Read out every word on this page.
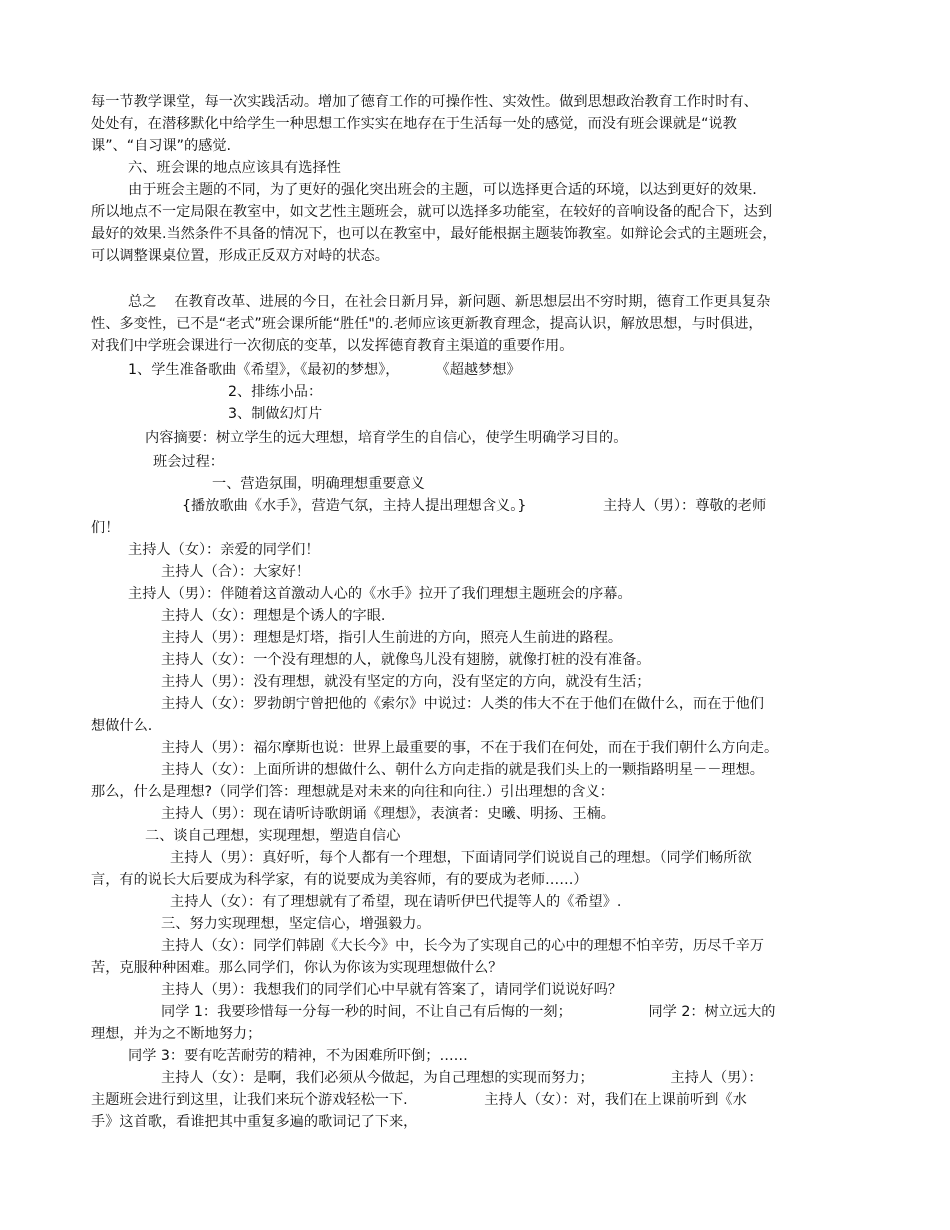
每一节教学课堂，每一次实践活动。增加了德育工作的可操作性、实效性。做到思想政治教育工作时时有、
处处有，在潜移默化中给学生一种思想工作实实在地存在于生活每一处的感觉，而没有班会课就是“说教
课”、“自习课”的感觉.
六、班会课的地点应该具有选择性
由于班会主题的不同，为了更好的强化突出班会的主题，可以选择更合适的环境，以达到更好的效果.
所以地点不一定局限在教室中，如文艺性主题班会，就可以选择多功能室，在较好的音响设备的配合下，达到
最好的效果.当然条件不具备的情况下，也可以在教室中，最好能根据主题装饰教室。如辩论会式的主题班会，
可以调整课桌位置，形成正反双方对峙的状态。
总之    在教育改革、进展的今日，在社会日新月异，新问题、新思想层出不穷时期，德育工作更具复杂
性、多变性，已不是“老式”班会课所能“胜任"的.老师应该更新教育理念，提高认识，解放思想，与时俱进，
对我们中学班会课进行一次彻底的变革，以发挥德育教育主渠道的重要作用。
1、学生准备歌曲《希望》，《最初的梦想》，        《超越梦想》
2、排练小品：
3、制做幻灯片
内容摘要：树立学生的远大理想，培育学生的自信心，使学生明确学习目的。
班会过程：
一、营造氛围，明确理想重要意义
{播放歌曲《水手》，营造气氛，主持人提出理想含义。}                 主持人（男）：尊敬的老师
们！
主持人（女）：亲爱的同学们！
主持人（合）：大家好！
主持人（男）：伴随着这首激动人心的《水手》拉开了我们理想主题班会的序幕。
主持人（女）：理想是个诱人的字眼.
主持人（男）：理想是灯塔，指引人生前进的方向，照亮人生前进的路程。
主持人（女）：一个没有理想的人，就像鸟儿没有翅膀，就像打桩的没有准备。
主持人（男）：没有理想，就没有坚定的方向，没有坚定的方向，就没有生活；
主持人（女）：罗勃朗宁曾把他的《索尔》中说过：人类的伟大不在于他们在做什么，而在于他们
想做什么.
主持人（男）：福尔摩斯也说：世界上最重要的事，不在于我们在何处，而在于我们朝什么方向走。
主持人（女）：上面所讲的想做什么、朝什么方向走指的就是我们头上的一颗指路明星－－理想。
那么，什么是理想?（同学们答：理想就是对未来的向往和向往.）引出理想的含义：
主持人（男）：现在请听诗歌朗诵《理想》，表演者：史曦、明扬、王楠。
二、谈自己理想，实现理想，塑造自信心
主持人（男）：真好听，每个人都有一个理想，下面请同学们说说自己的理想。（同学们畅所欲
言，有的说长大后要成为科学家，有的说要成为美容师，有的要成为老师……）
主持人（女）：有了理想就有了希望，现在请听伊巴代提等人的《希望》.
三、努力实现理想，坚定信心，增强毅力。
主持人（女）：同学们韩剧《大长今》中，长今为了实现自己的心中的理想不怕辛劳，历尽千辛万
苦，克服种种困难。那么同学们，你认为你该为实现理想做什么？
主持人（男）：我想我们的同学们心中早就有答案了，请同学们说说好吗？
同学 1：我要珍惜每一分每一秒的时间，不让自己有后悔的一刻；                 同学 2：树立远大的
理想，并为之不断地努力；
同学 3：要有吃苦耐劳的精神，不为困难所吓倒；……
主持人（女）：是啊，我们必须从今做起，为自己理想的实现而努力；                 主持人（男）：
主题班会进行到这里，让我们来玩个游戏轻松一下.                 主持人（女）：对，我们在上课前听到《水
手》这首歌，看谁把其中重复多遍的歌词记了下来，
